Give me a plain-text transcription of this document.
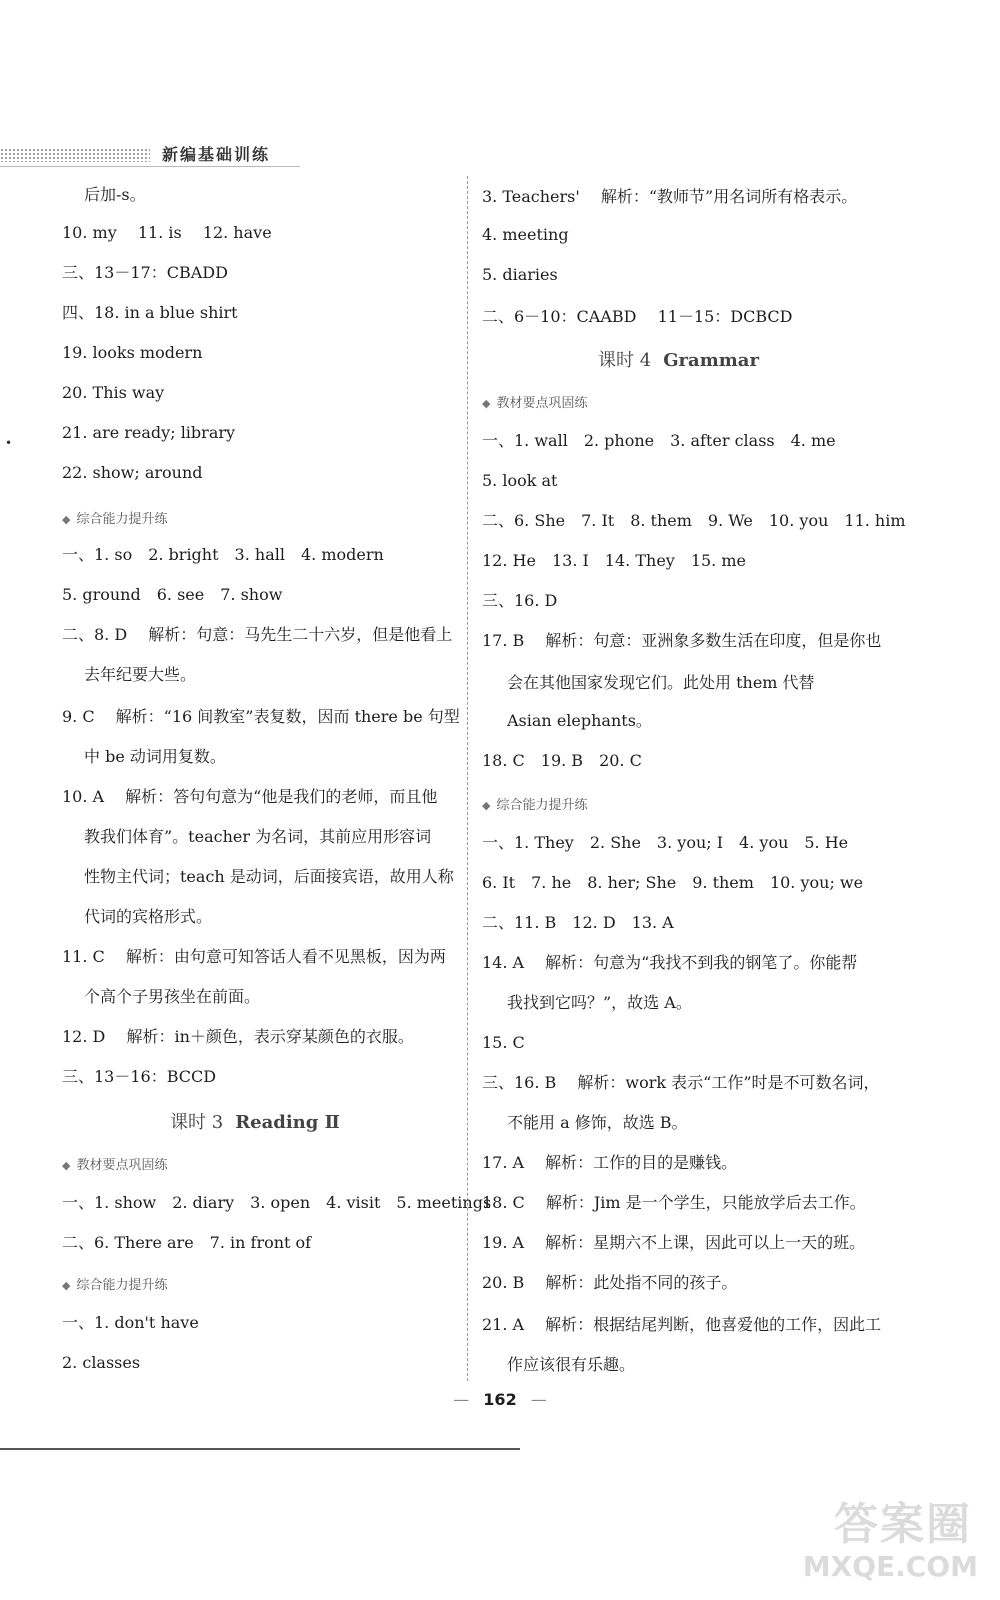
新编基础训练
后加-s。
10. my　 11. is　 12. have
三、13－17：CBADD
四、18. in a blue shirt
19. looks modern
20. This way
21. are ready; library
22. show; around
◆ 综合能力提升练
一、1. so　2. bright　3. hall　4. modern
5. ground　6. see　7. show
二、8. D　 解析：句意：马先生二十六岁，但是他看上
去年纪要大些。
9. C　 解析：“16 间教室”表复数，因而 there be 句型
中 be 动词用复数。
10. A　 解析：答句句意为“他是我们的老师，而且他
教我们体育”。teacher 为名词，其前应用形容词
性物主代词；teach 是动词，后面接宾语，故用人称
代词的宾格形式。
11. C　 解析：由句意可知答话人看不见黑板，因为两
个高个子男孩坐在前面。
12. D　 解析：in＋颜色，表示穿某颜色的衣服。
三、13－16：BCCD
课时 3 Reading Ⅱ
◆ 教材要点巩固练
一、1. show　2. diary　3. open　4. visit　5. meetings
二、6. There are　7. in front of
◆ 综合能力提升练
一、1. don't have
2. classes
3. Teachers'　 解析：“教师节”用名词所有格表示。
4. meeting
5. diaries
二、6－10：CAABD　 11－15：DCBCD
课时 4 Grammar
◆ 教材要点巩固练
一、1. wall　2. phone　3. after class　4. me
5. look at
二、6. She　7. It　8. them　9. We　10. you　11. him
12. He　13. I　14. They　15. me
三、16. D
17. B　 解析：句意：亚洲象多数生活在印度，但是你也
会在其他国家发现它们。此处用 them 代替
Asian elephants。
18. C　19. B　20. C
◆ 综合能力提升练
一、1. They　2. She　3. you; I　4. you　5. He
6. It　7. he　8. her; She　9. them　10. you; we
二、11. B　12. D　13. A
14. A　 解析：句意为“我找不到我的钢笔了。你能帮
我找到它吗？”，故选 A。
15. C
三、16. B　 解析：work 表示“工作”时是不可数名词，
不能用 a 修饰，故选 B。
17. A　 解析：工作的目的是赚钱。
18. C　 解析：Jim 是一个学生，只能放学后去工作。
19. A　 解析：星期六不上课，因此可以上一天的班。
20. B　 解析：此处指不同的孩子。
21. A　 解析：根据结尾判断，他喜爱他的工作，因此工
作应该很有乐趣。
•
— 162 —
答案圈
MXQE.COM
